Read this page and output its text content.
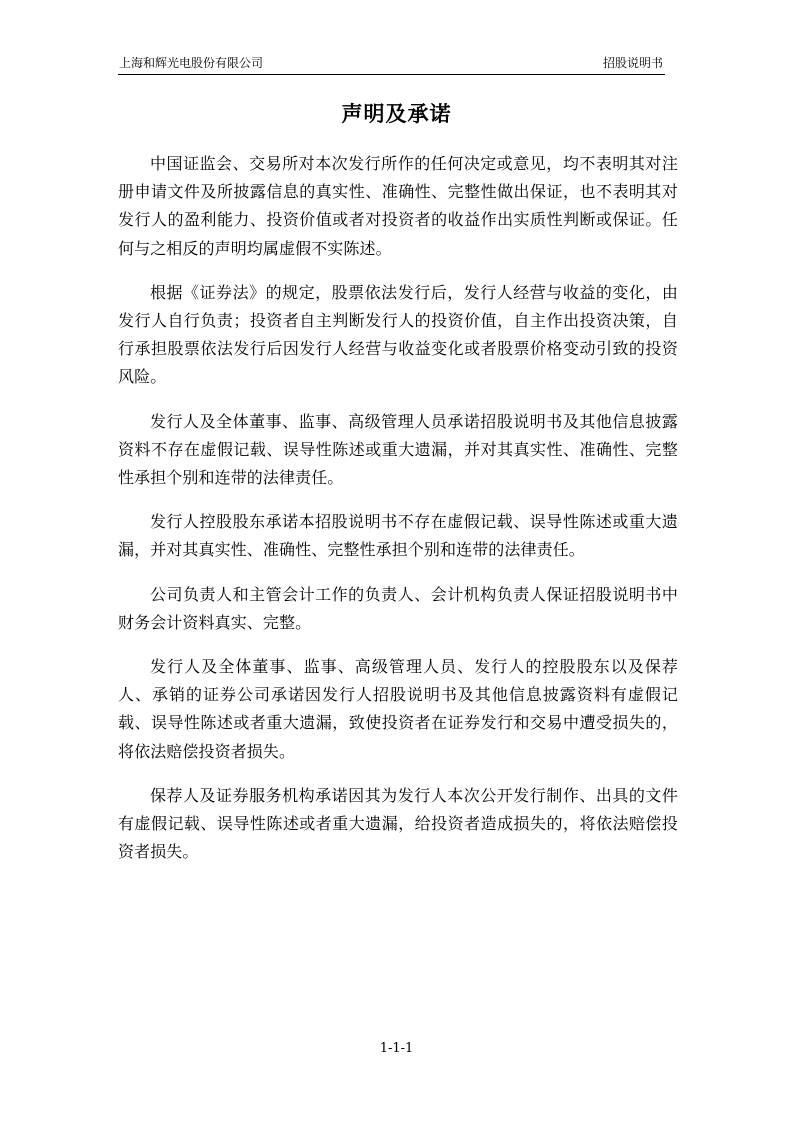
上海和辉光电股份有限公司	招股说明书
声明及承诺

中国证监会、交易所对本次发行所作的任何决定或意见，均不表明其对注册申请文件及所披露信息的真实性、准确性、完整性做出保证，也不表明其对发行人的盈利能力、投资价值或者对投资者的收益作出实质性判断或保证。任何与之相反的声明均属虚假不实陈述。

根据《证券法》的规定，股票依法发行后，发行人经营与收益的变化，由发行人自行负责；投资者自主判断发行人的投资价值，自主作出投资决策，自行承担股票依法发行后因发行人经营与收益变化或者股票价格变动引致的投资风险。

发行人及全体董事、监事、高级管理人员承诺招股说明书及其他信息披露资料不存在虚假记载、误导性陈述或重大遗漏，并对其真实性、准确性、完整性承担个别和连带的法律责任。

发行人控股股东承诺本招股说明书不存在虚假记载、误导性陈述或重大遗漏，并对其真实性、准确性、完整性承担个别和连带的法律责任。

公司负责人和主管会计工作的负责人、会计机构负责人保证招股说明书中财务会计资料真实、完整。

发行人及全体董事、监事、高级管理人员、发行人的控股股东以及保荐人、承销的证券公司承诺因发行人招股说明书及其他信息披露资料有虚假记载、误导性陈述或者重大遗漏，致使投资者在证券发行和交易中遭受损失的，将依法赔偿投资者损失。

保荐人及证券服务机构承诺因其为发行人本次公开发行制作、出具的文件有虚假记载、误导性陈述或者重大遗漏，给投资者造成损失的，将依法赔偿投资者损失。

1-1-1
